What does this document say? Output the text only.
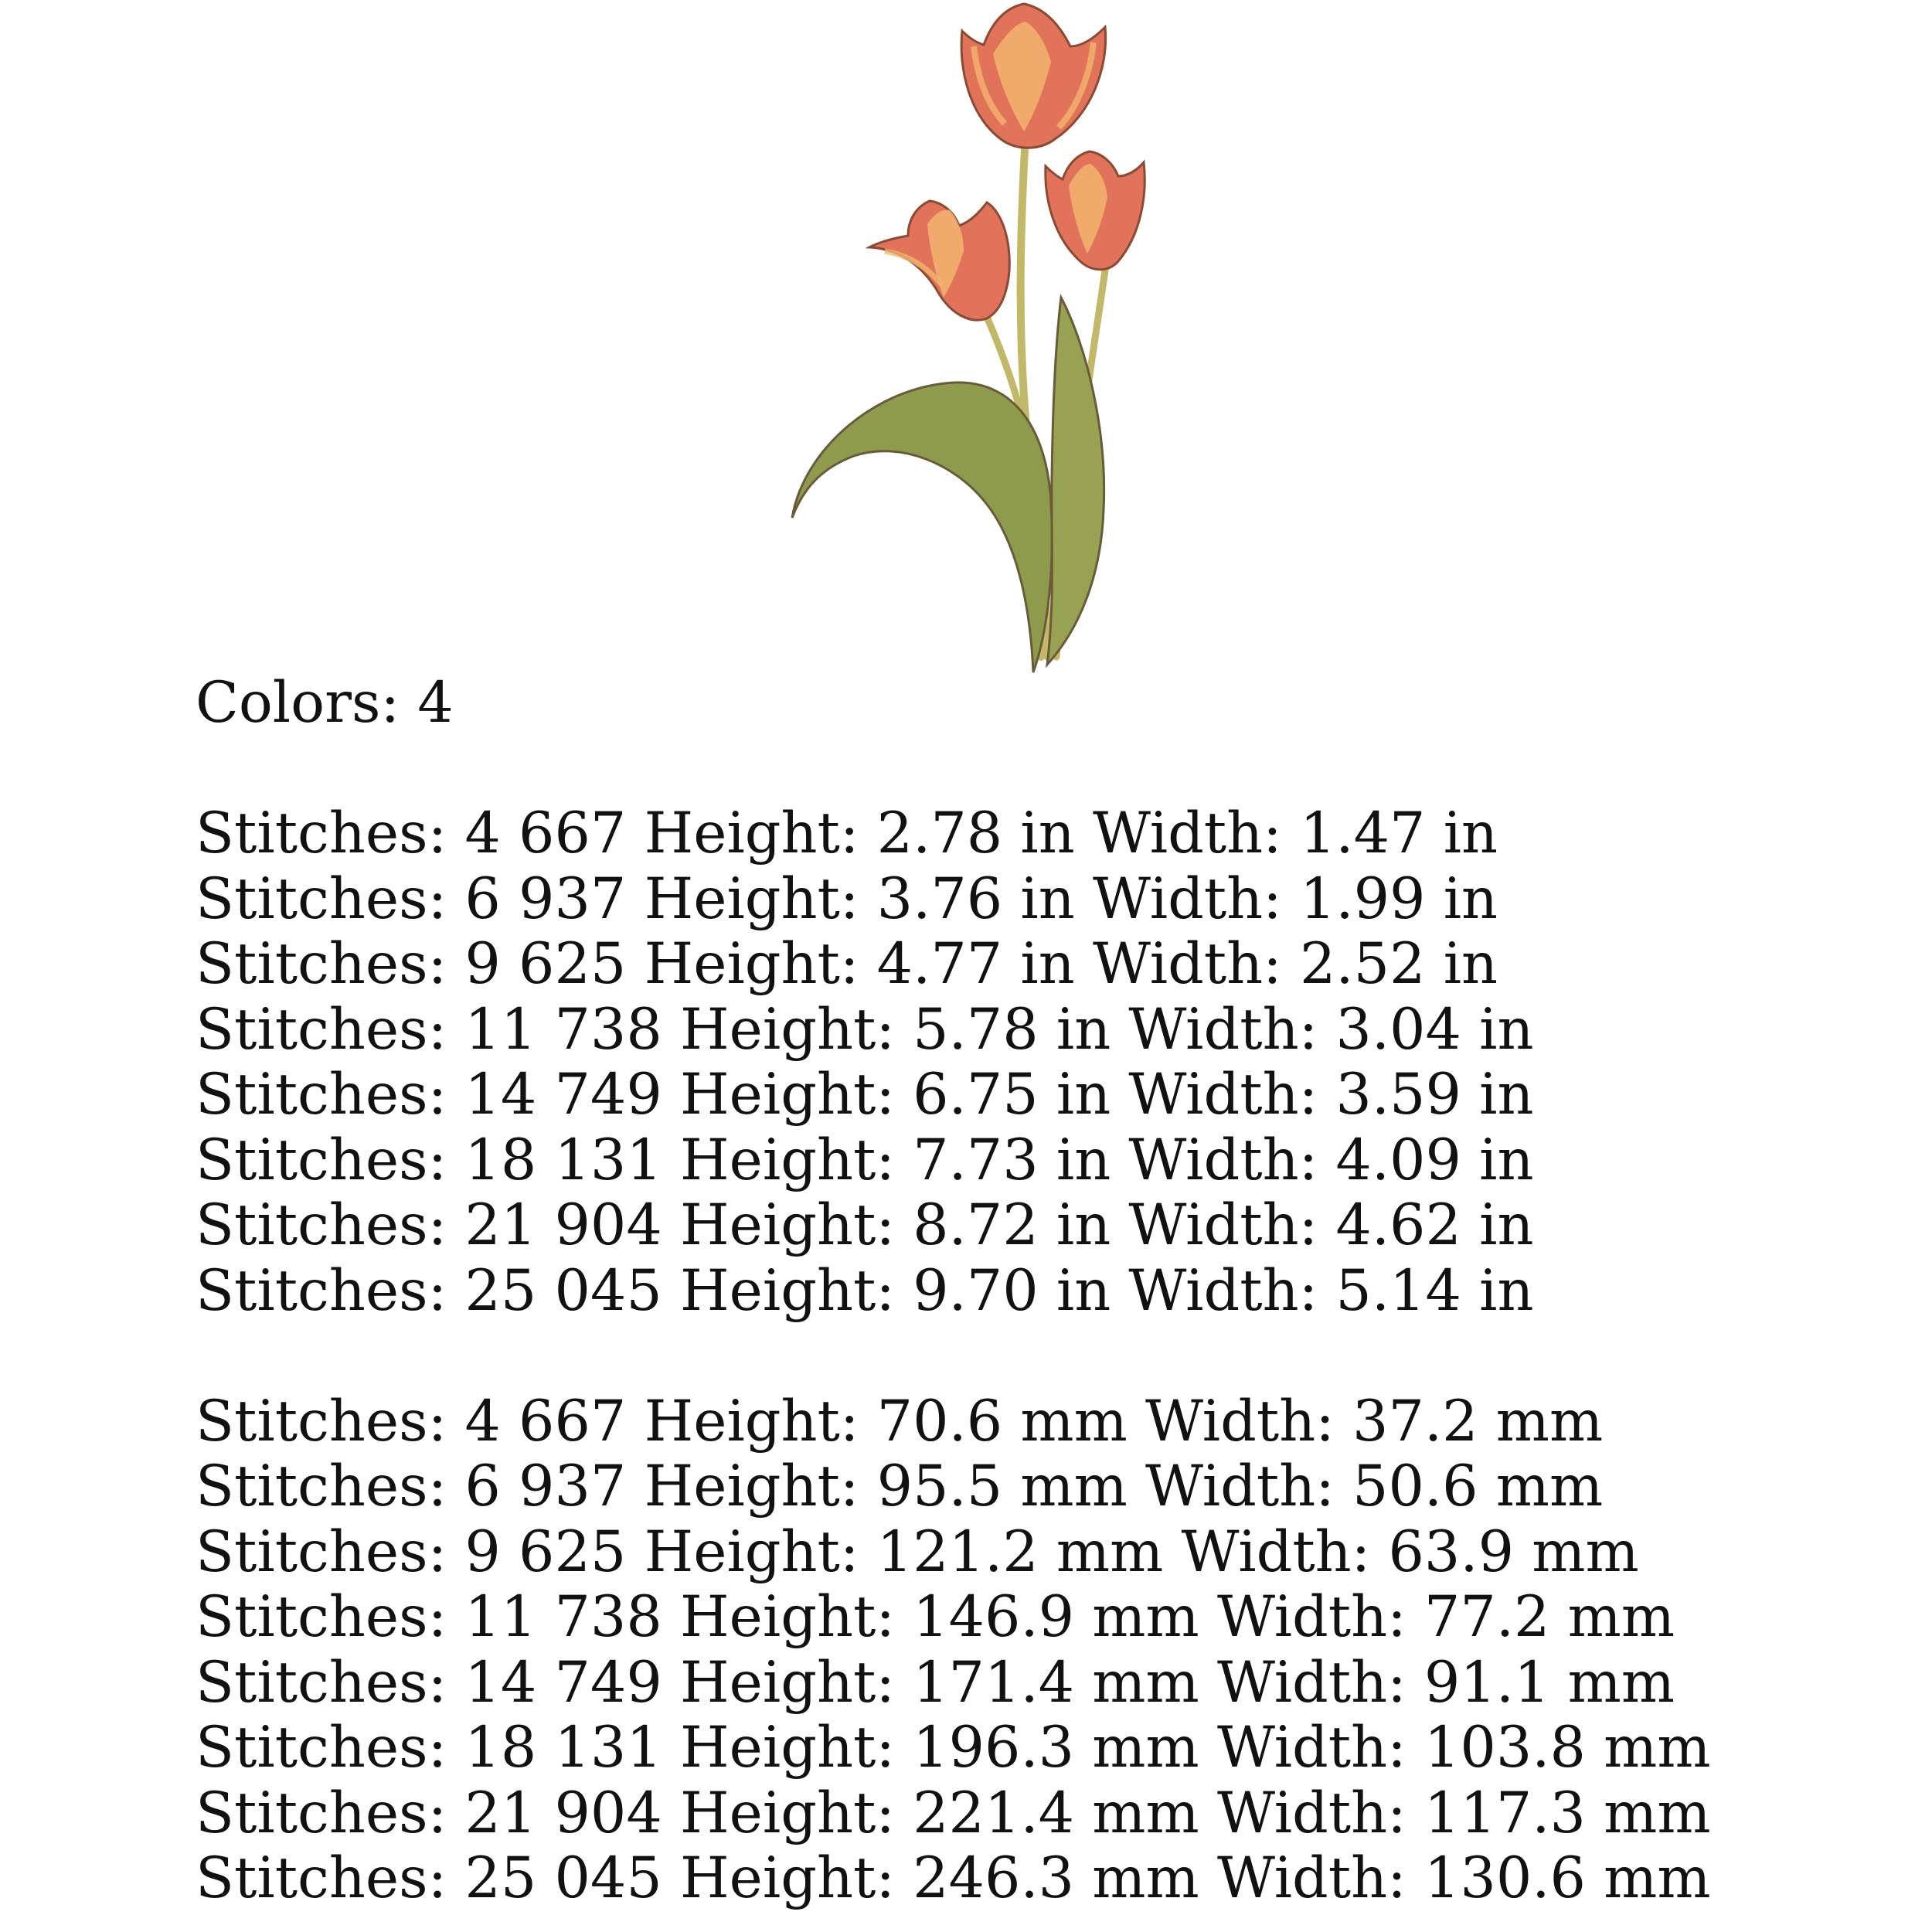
Colors: 4
Stitches: 4 667 Height: 2.78 in Width: 1.47 in
Stitches: 6 937 Height: 3.76 in Width: 1.99 in
Stitches: 9 625 Height: 4.77 in Width: 2.52 in
Stitches: 11 738 Height: 5.78 in Width: 3.04 in
Stitches: 14 749 Height: 6.75 in Width: 3.59 in
Stitches: 18 131 Height: 7.73 in Width: 4.09 in
Stitches: 21 904 Height: 8.72 in Width: 4.62 in
Stitches: 25 045 Height: 9.70 in Width: 5.14 in
Stitches: 4 667 Height: 70.6 mm Width: 37.2 mm
Stitches: 6 937 Height: 95.5 mm Width: 50.6 mm
Stitches: 9 625 Height: 121.2 mm Width: 63.9 mm
Stitches: 11 738 Height: 146.9 mm Width: 77.2 mm
Stitches: 14 749 Height: 171.4 mm Width: 91.1 mm
Stitches: 18 131 Height: 196.3 mm Width: 103.8 mm
Stitches: 21 904 Height: 221.4 mm Width: 117.3 mm
Stitches: 25 045 Height: 246.3 mm Width: 130.6 mm
